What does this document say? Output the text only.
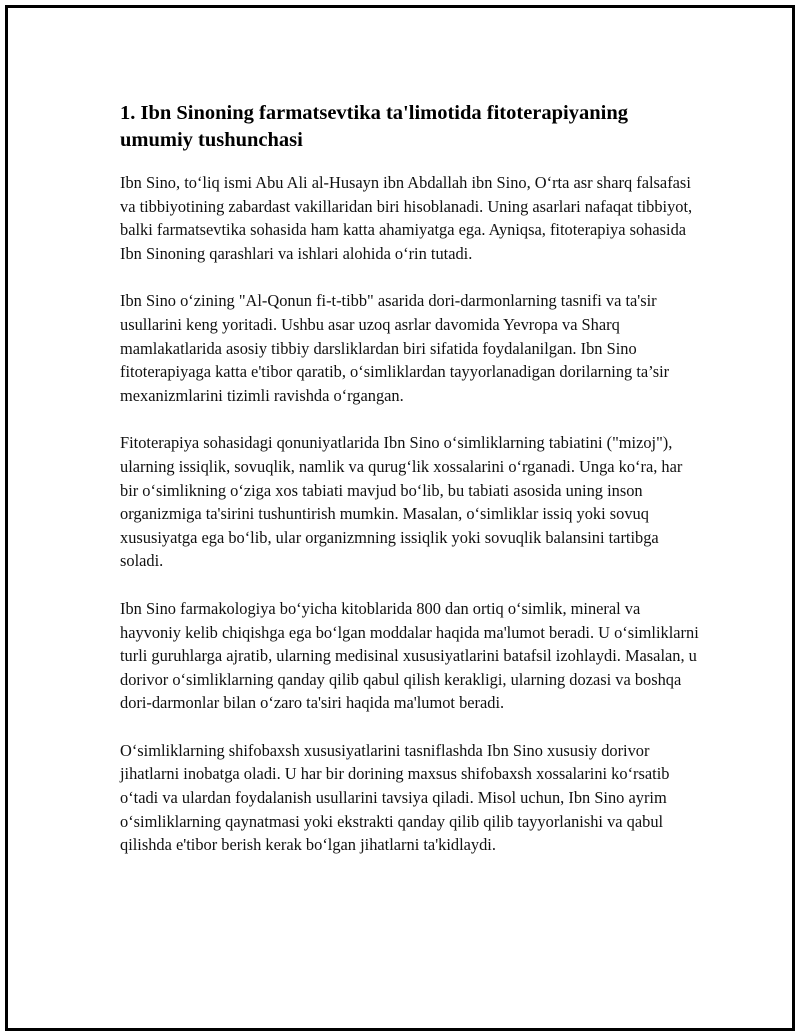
1. Ibn Sinoning farmatsevtika ta'limotida fitoterapiyaning umumiy tushunchasi

Ibn Sino, to‘liq ismi Abu Ali al-Husayn ibn Abdallah ibn Sino, O‘rta asr sharq falsafasi va tibbiyotining zabardast vakillaridan biri hisoblanadi. Uning asarlari nafaqat tibbiyot, balki farmatsevtika sohasida ham katta ahamiyatga ega. Ayniqsa, fitoterapiya sohasida Ibn Sinoning qarashlari va ishlari alohida o‘rin tutadi.

Ibn Sino o‘zining "Al-Qonun fi-t-tibb" asarida dori-darmonlarning tasnifi va ta'sir usullarini keng yoritadi. Ushbu asar uzoq asrlar davomida Yevropa va Sharq mamlakatlarida asosiy tibbiy darsliklardan biri sifatida foydalanilgan. Ibn Sino fitoterapiyaga katta e'tibor qaratib, o‘simliklardan tayyorlanadigan dorilarning ta’sir mexanizmlarini tizimli ravishda o‘rgangan.

Fitoterapiya sohasidagi qonuniyatlarida Ibn Sino o‘simliklarning tabiatini ("mizoj"), ularning issiqlik, sovuqlik, namlik va qurug‘lik xossalarini o‘rganadi. Unga ko‘ra, har bir o‘simlikning o‘ziga xos tabiati mavjud bo‘lib, bu tabiati asosida uning inson organizmiga ta'sirini tushuntirish mumkin. Masalan, o‘simliklar issiq yoki sovuq xususiyatga ega bo‘lib, ular organizmning issiqlik yoki sovuqlik balansini tartibga soladi.

Ibn Sino farmakologiya bo‘yicha kitoblarida 800 dan ortiq o‘simlik, mineral va hayvoniy kelib chiqishga ega bo‘lgan moddalar haqida ma'lumot beradi. U o‘simliklarni turli guruhlarga ajratib, ularning medisinal xususiyatlarini batafsil izohlaydi. Masalan, u dorivor o‘simliklarning qanday qilib qabul qilish kerakligi, ularning dozasi va boshqa dori-darmonlar bilan o‘zaro ta'siri haqida ma'lumot beradi.

O‘simliklarning shifobaxsh xususiyatlarini tasniflashda Ibn Sino xususiy dorivor jihatlarni inobatga oladi. U har bir dorining maxsus shifobaxsh xossalarini ko‘rsatib o‘tadi va ulardan foydalanish usullarini tavsiya qiladi. Misol uchun, Ibn Sino ayrim o‘simliklarning qaynatmasi yoki ekstrakti qanday qilib qilib tayyorlanishi va qabul qilishda e'tibor berish kerak bo‘lgan jihatlarni ta'kidlaydi.
